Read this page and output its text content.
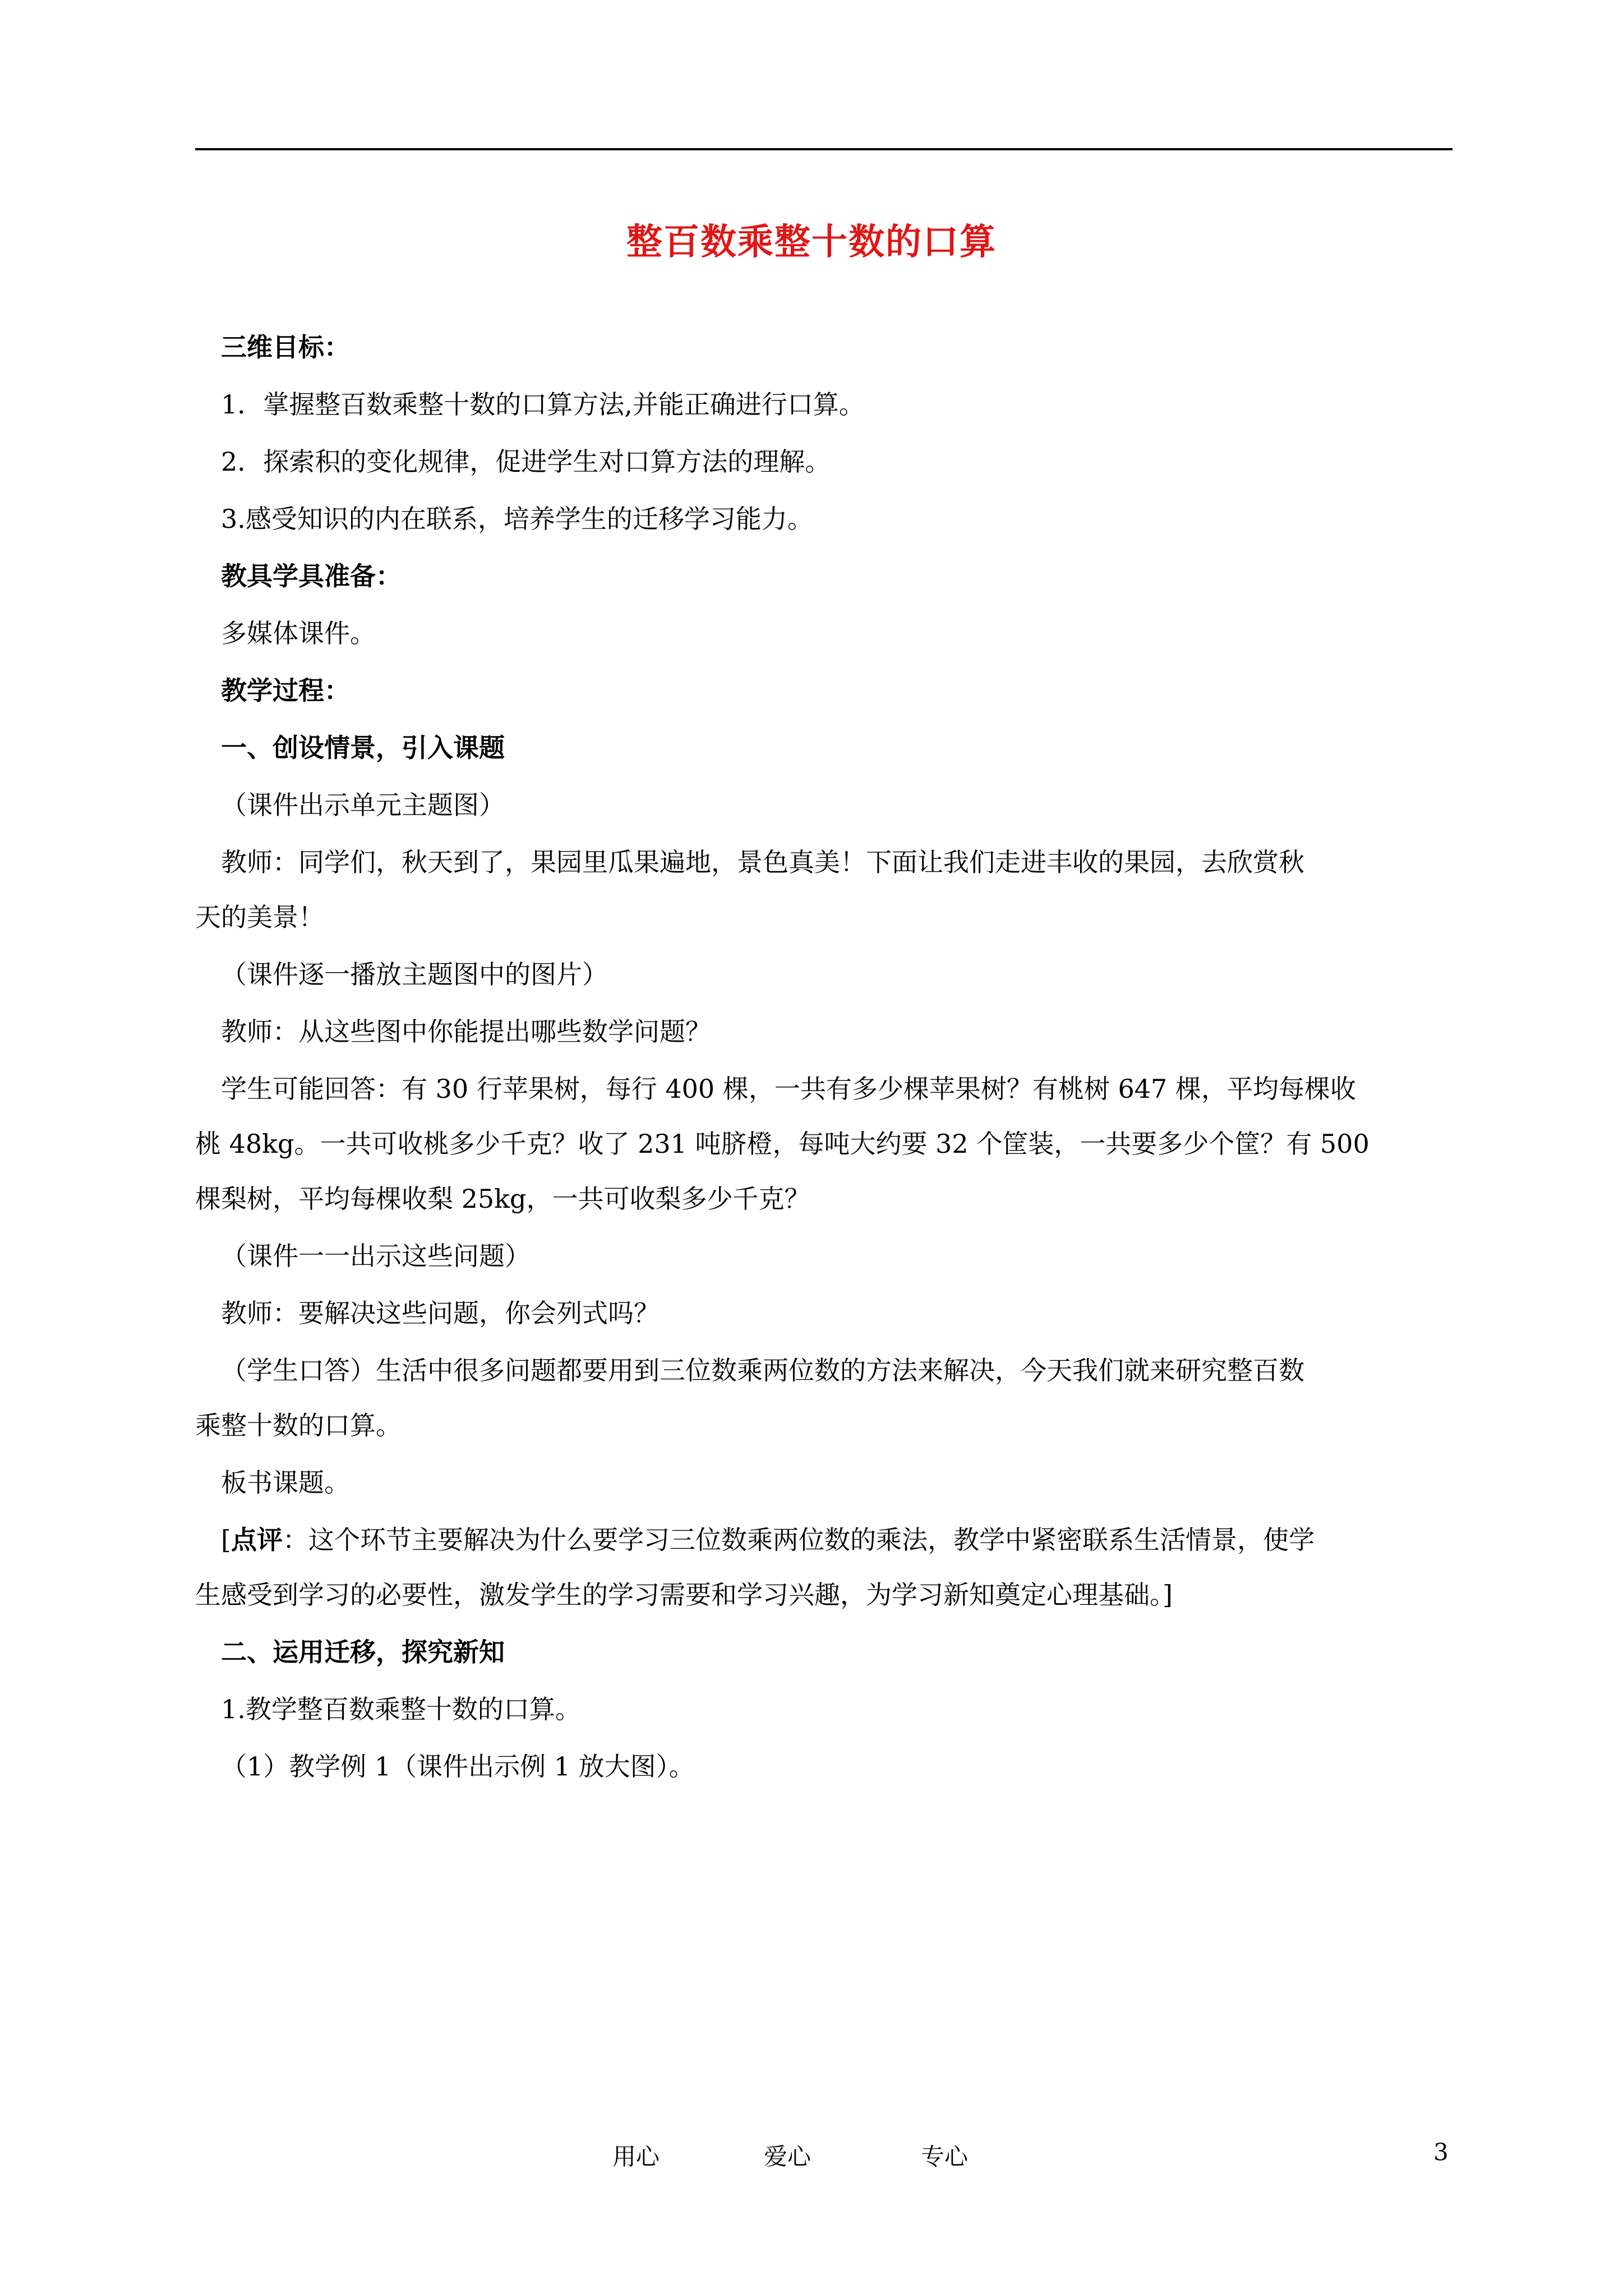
整百数乘整十数的口算

三维目标：

1．掌握整百数乘整十数的口算方法,并能正确进行口算。

2．探索积的变化规律，促进学生对口算方法的理解。

3.感受知识的内在联系，培养学生的迁移学习能力。

教具学具准备：

多媒体课件。

教学过程：

一、创设情景，引入课题

（课件出示单元主题图）

教师：同学们，秋天到了，果园里瓜果遍地，景色真美！下面让我们走进丰收的果园，去欣赏秋

天的美景！

（课件逐一播放主题图中的图片）

教师：从这些图中你能提出哪些数学问题？

学生可能回答：有 30 行苹果树，每行 400 棵，一共有多少棵苹果树？有桃树 647 棵，平均每棵收

桃 48kg。一共可收桃多少千克？收了 231 吨脐橙，每吨大约要 32 个筐装，一共要多少个筐？有 500

棵梨树，平均每棵收梨 25kg，一共可收梨多少千克？

（课件一一出示这些问题）

教师：要解决这些问题，你会列式吗？

（学生口答）生活中很多问题都要用到三位数乘两位数的方法来解决，今天我们就来研究整百数

乘整十数的口算。

板书课题。

[点评：这个环节主要解决为什么要学习三位数乘两位数的乘法，教学中紧密联系生活情景，使学

生感受到学习的必要性，激发学生的学习需要和学习兴趣，为学习新知奠定心理基础。]

二、运用迁移，探究新知

1.教学整百数乘整十数的口算。

（1）教学例 1（课件出示例 1 放大图）。

用心	爱心	专心	3
